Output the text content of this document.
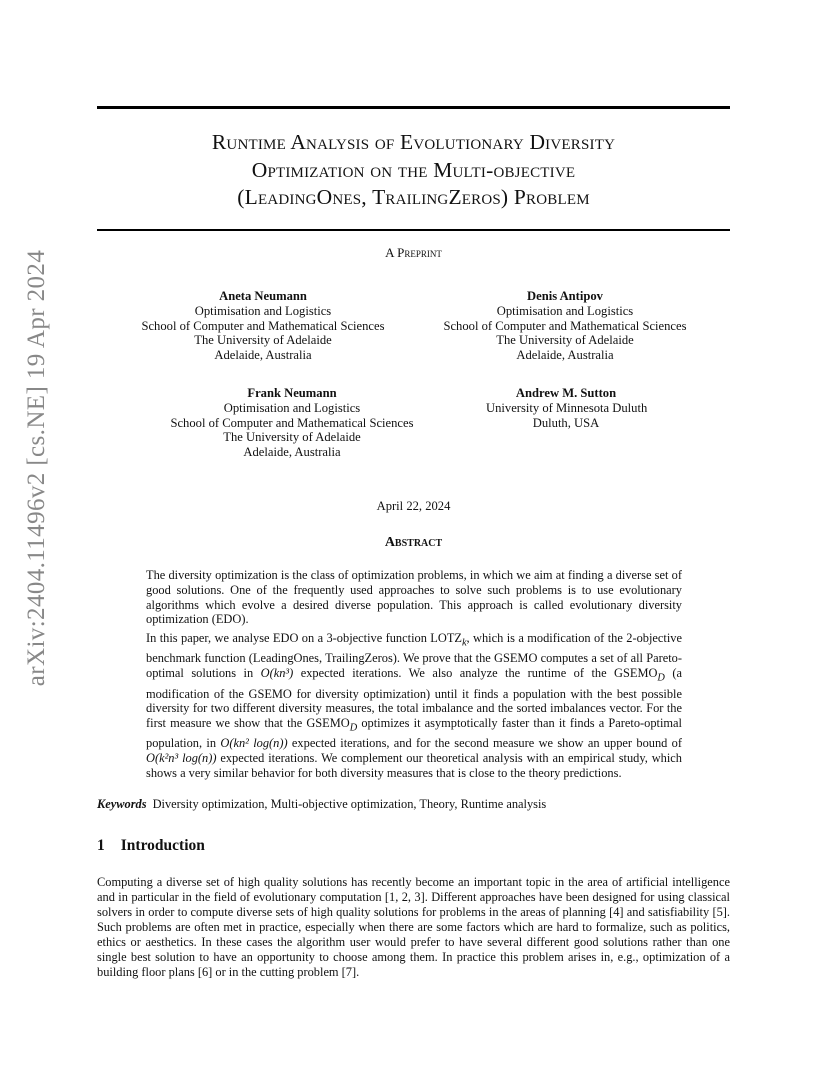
arXiv:2404.11496v2 [cs.NE] 19 Apr 2024
Runtime Analysis of Evolutionary Diversity
Optimization on the Multi-objective
(LeadingOnes, TrailingZeros) Problem
A Preprint
Aneta Neumann
Optimisation and Logistics
School of Computer and Mathematical Sciences
The University of Adelaide
Adelaide, Australia
Denis Antipov
Optimisation and Logistics
School of Computer and Mathematical Sciences
The University of Adelaide
Adelaide, Australia
Frank Neumann
Optimisation and Logistics
School of Computer and Mathematical Sciences
The University of Adelaide
Adelaide, Australia
Andrew M. Sutton
University of Minnesota Duluth
Duluth, USA
April 22, 2024
Abstract

The diversity optimization is the class of optimization problems, in which we aim at finding a diverse set of good solutions. One of the frequently used approaches to solve such problems is to use evolutionary algorithms which evolve a desired diverse population. This approach is called evolutionary diversity optimization (EDO).

In this paper, we analyse EDO on a 3-objective function $LOTZ_k$, which is a modification of the 2-objective benchmark function (LeadingOnes, TrailingZeros). We prove that the GSEMO computes a set of all Pareto-optimal solutions in O(kn³) expected iterations. We also analyze the runtime of the $GSEMO_D$ (a modification of the GSEMO for diversity optimization) until it finds a population with the best possible diversity for two different diversity measures, the total imbalance and the sorted imbalances vector. For the first measure we show that the $GSEMO_D$ optimizes it asymptotically faster than it finds a Pareto-optimal population, in O(kn² log(n)) expected iterations, and for the second measure we show an upper bound of O(k²n³ log(n)) expected iterations. We complement our theoretical analysis with an empirical study, which shows a very similar behavior for both diversity measures that is close to the theory predictions.

Keywords Diversity optimization, Multi-objective optimization, Theory, Runtime analysis
1 Introduction

Computing a diverse set of high quality solutions has recently become an important topic in the area of artificial intelligence and in particular in the field of evolutionary computation [1, 2, 3]. Different approaches have been designed for using classical solvers in order to compute diverse sets of high quality solutions for problems in the areas of planning [4] and satisfiability [5]. Such problems are often met in practice, especially when there are some factors which are hard to formalize, such as politics, ethics or aesthetics. In these cases the algorithm user would prefer to have several different good solutions rather than one single best solution to have an opportunity to choose among them. In practice this problem arises in, e.g., optimization of a building floor plans [6] or in the cutting problem [7].
